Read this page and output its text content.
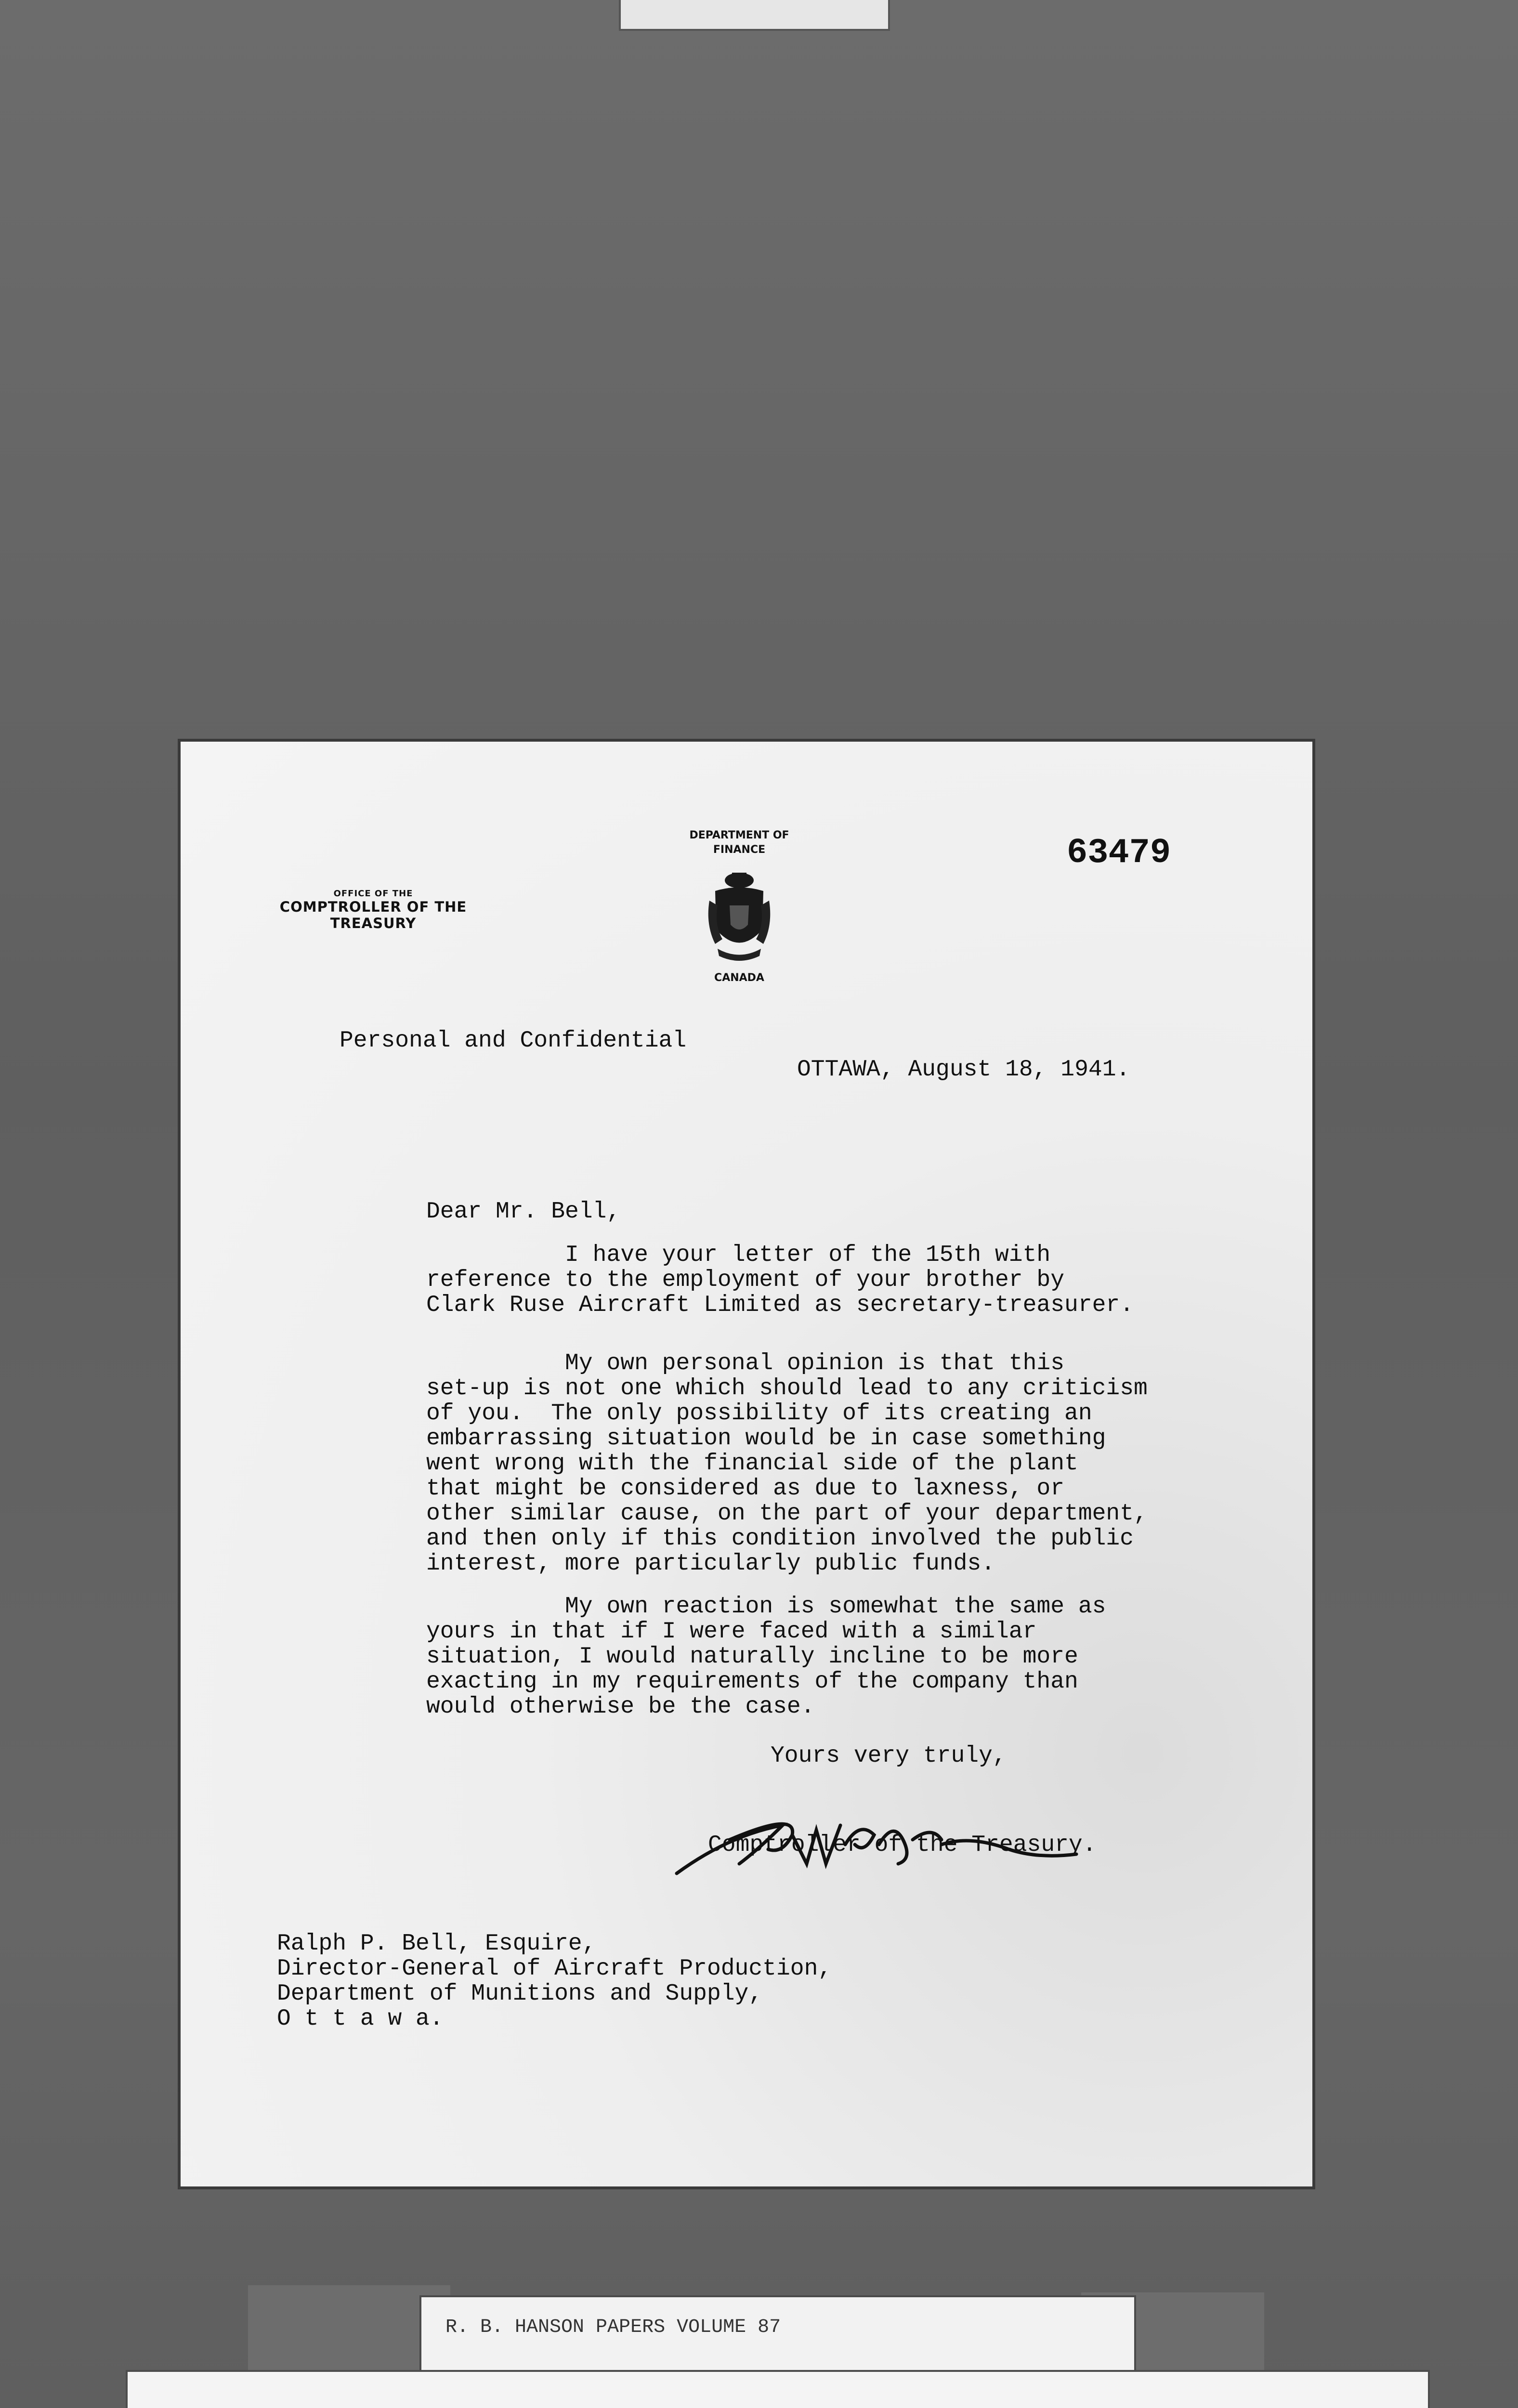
OFFICE OF THE
COMPTROLLER OF THE TREASURY
DEPARTMENT OF
FINANCE
CANADA
63479
Personal and Confidential
OTTAWA, August 18, 1941.
Dear Mr. Bell,
I have your letter of the 15th with
reference to the employment of your brother by
Clark Ruse Aircraft Limited as secretary-treasurer.
My own personal opinion is that this
set-up is not one which should lead to any criticism
of you.  The only possibility of its creating an
embarrassing situation would be in case something
went wrong with the financial side of the plant
that might be considered as due to laxness, or
other similar cause, on the part of your department,
and then only if this condition involved the public
interest, more particularly public funds.
My own reaction is somewhat the same as
yours in that if I were faced with a similar
situation, I would naturally incline to be more
exacting in my requirements of the company than
would otherwise be the case.
Yours very truly,
Comptroller of the Treasury.
Ralph P. Bell, Esquire,
Director-General of Aircraft Production,
Department of Munitions and Supply,
O t t a w a.
R. B. HANSON PAPERS VOLUME 87
